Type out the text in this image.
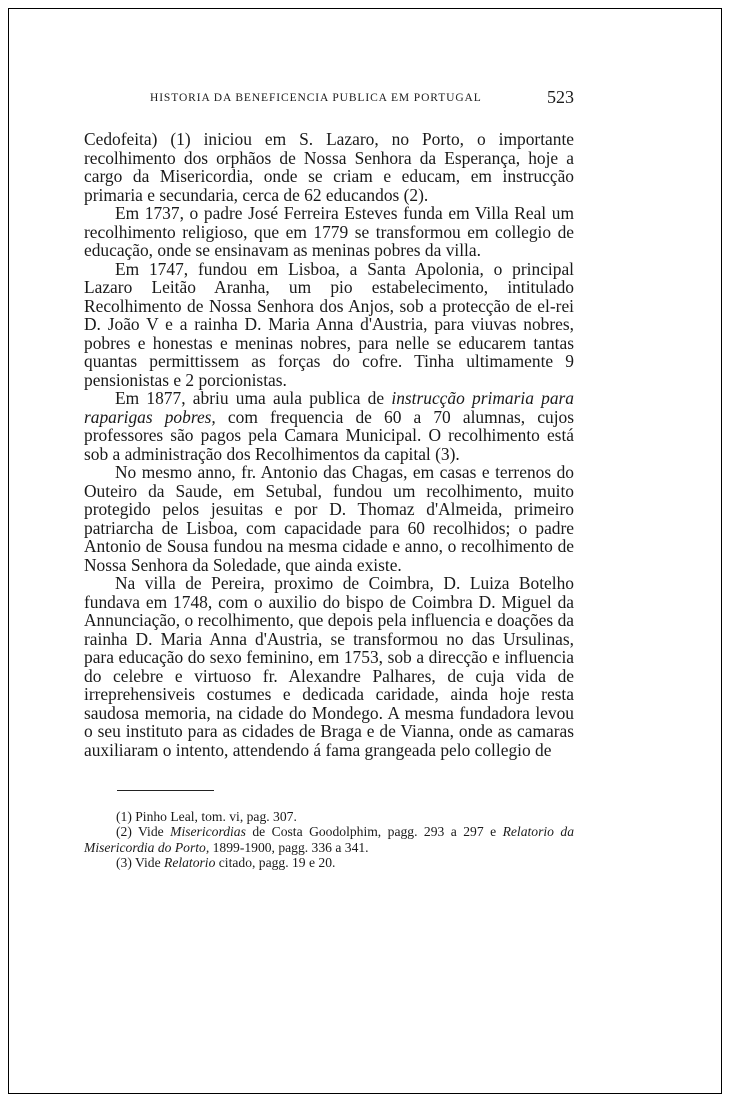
HISTORIA DA BENEFICENCIA PUBLICA EM PORTUGAL	523

Cedofeita) (1) iniciou em S. Lazaro, no Porto, o importante recolhimento dos orphãos de Nossa Senhora da Esperança, hoje a cargo da Misericordia, onde se criam e educam, em instrucção primaria e secundaria, cerca de 62 educandos (2).

Em 1737, o padre José Ferreira Esteves funda em Villa Real um recolhimento religioso, que em 1779 se transformou em collegio de educação, onde se ensinavam as meninas pobres da villa.

Em 1747, fundou em Lisboa, a Santa Apolonia, o principal Lazaro Leitão Aranha, um pio estabelecimento, intitulado Recolhimento de Nossa Senhora dos Anjos, sob a protecção de el-rei D. João V e a rainha D. Maria Anna d'Austria, para viuvas nobres, pobres e honestas e meninas nobres, para nelle se educarem tantas quantas permittissem as forças do cofre. Tinha ultimamente 9 pensionistas e 2 porcionistas.

Em 1877, abriu uma aula publica de instrucção primaria para raparigas pobres, com frequencia de 60 a 70 alumnas, cujos professores são pagos pela Camara Municipal. O recolhimento está sob a administração dos Recolhimentos da capital (3).

No mesmo anno, fr. Antonio das Chagas, em casas e terrenos do Outeiro da Saude, em Setubal, fundou um recolhimento, muito protegido pelos jesuitas e por D. Thomaz d'Almeida, primeiro patriarcha de Lisboa, com capacidade para 60 recolhidos; o padre Antonio de Sousa fundou na mesma cidade e anno, o recolhimento de Nossa Senhora da Soledade, que ainda existe.

Na villa de Pereira, proximo de Coimbra, D. Luiza Botelho fundava em 1748, com o auxilio do bispo de Coimbra D. Miguel da Annunciação, o recolhimento, que depois pela influencia e doações da rainha D. Maria Anna d'Austria, se transformou no das Ursulinas, para educação do sexo feminino, em 1753, sob a direcção e influencia do celebre e virtuoso fr. Alexandre Palhares, de cuja vida de irreprehensiveis costumes e dedicada caridade, ainda hoje resta saudosa memoria, na cidade do Mondego. A mesma fundadora levou o seu instituto para as cidades de Braga e de Vianna, onde as camaras auxiliaram o intento, attendendo á fama grangeada pelo collegio de

(1) Pinho Leal, tom. vi, pag. 307.

(2) Vide Misericordias de Costa Goodolphim, pagg. 293 a 297 e Relatorio da Misericordia do Porto, 1899-1900, pagg. 336 a 341.

(3) Vide Relatorio citado, pagg. 19 e 20.
